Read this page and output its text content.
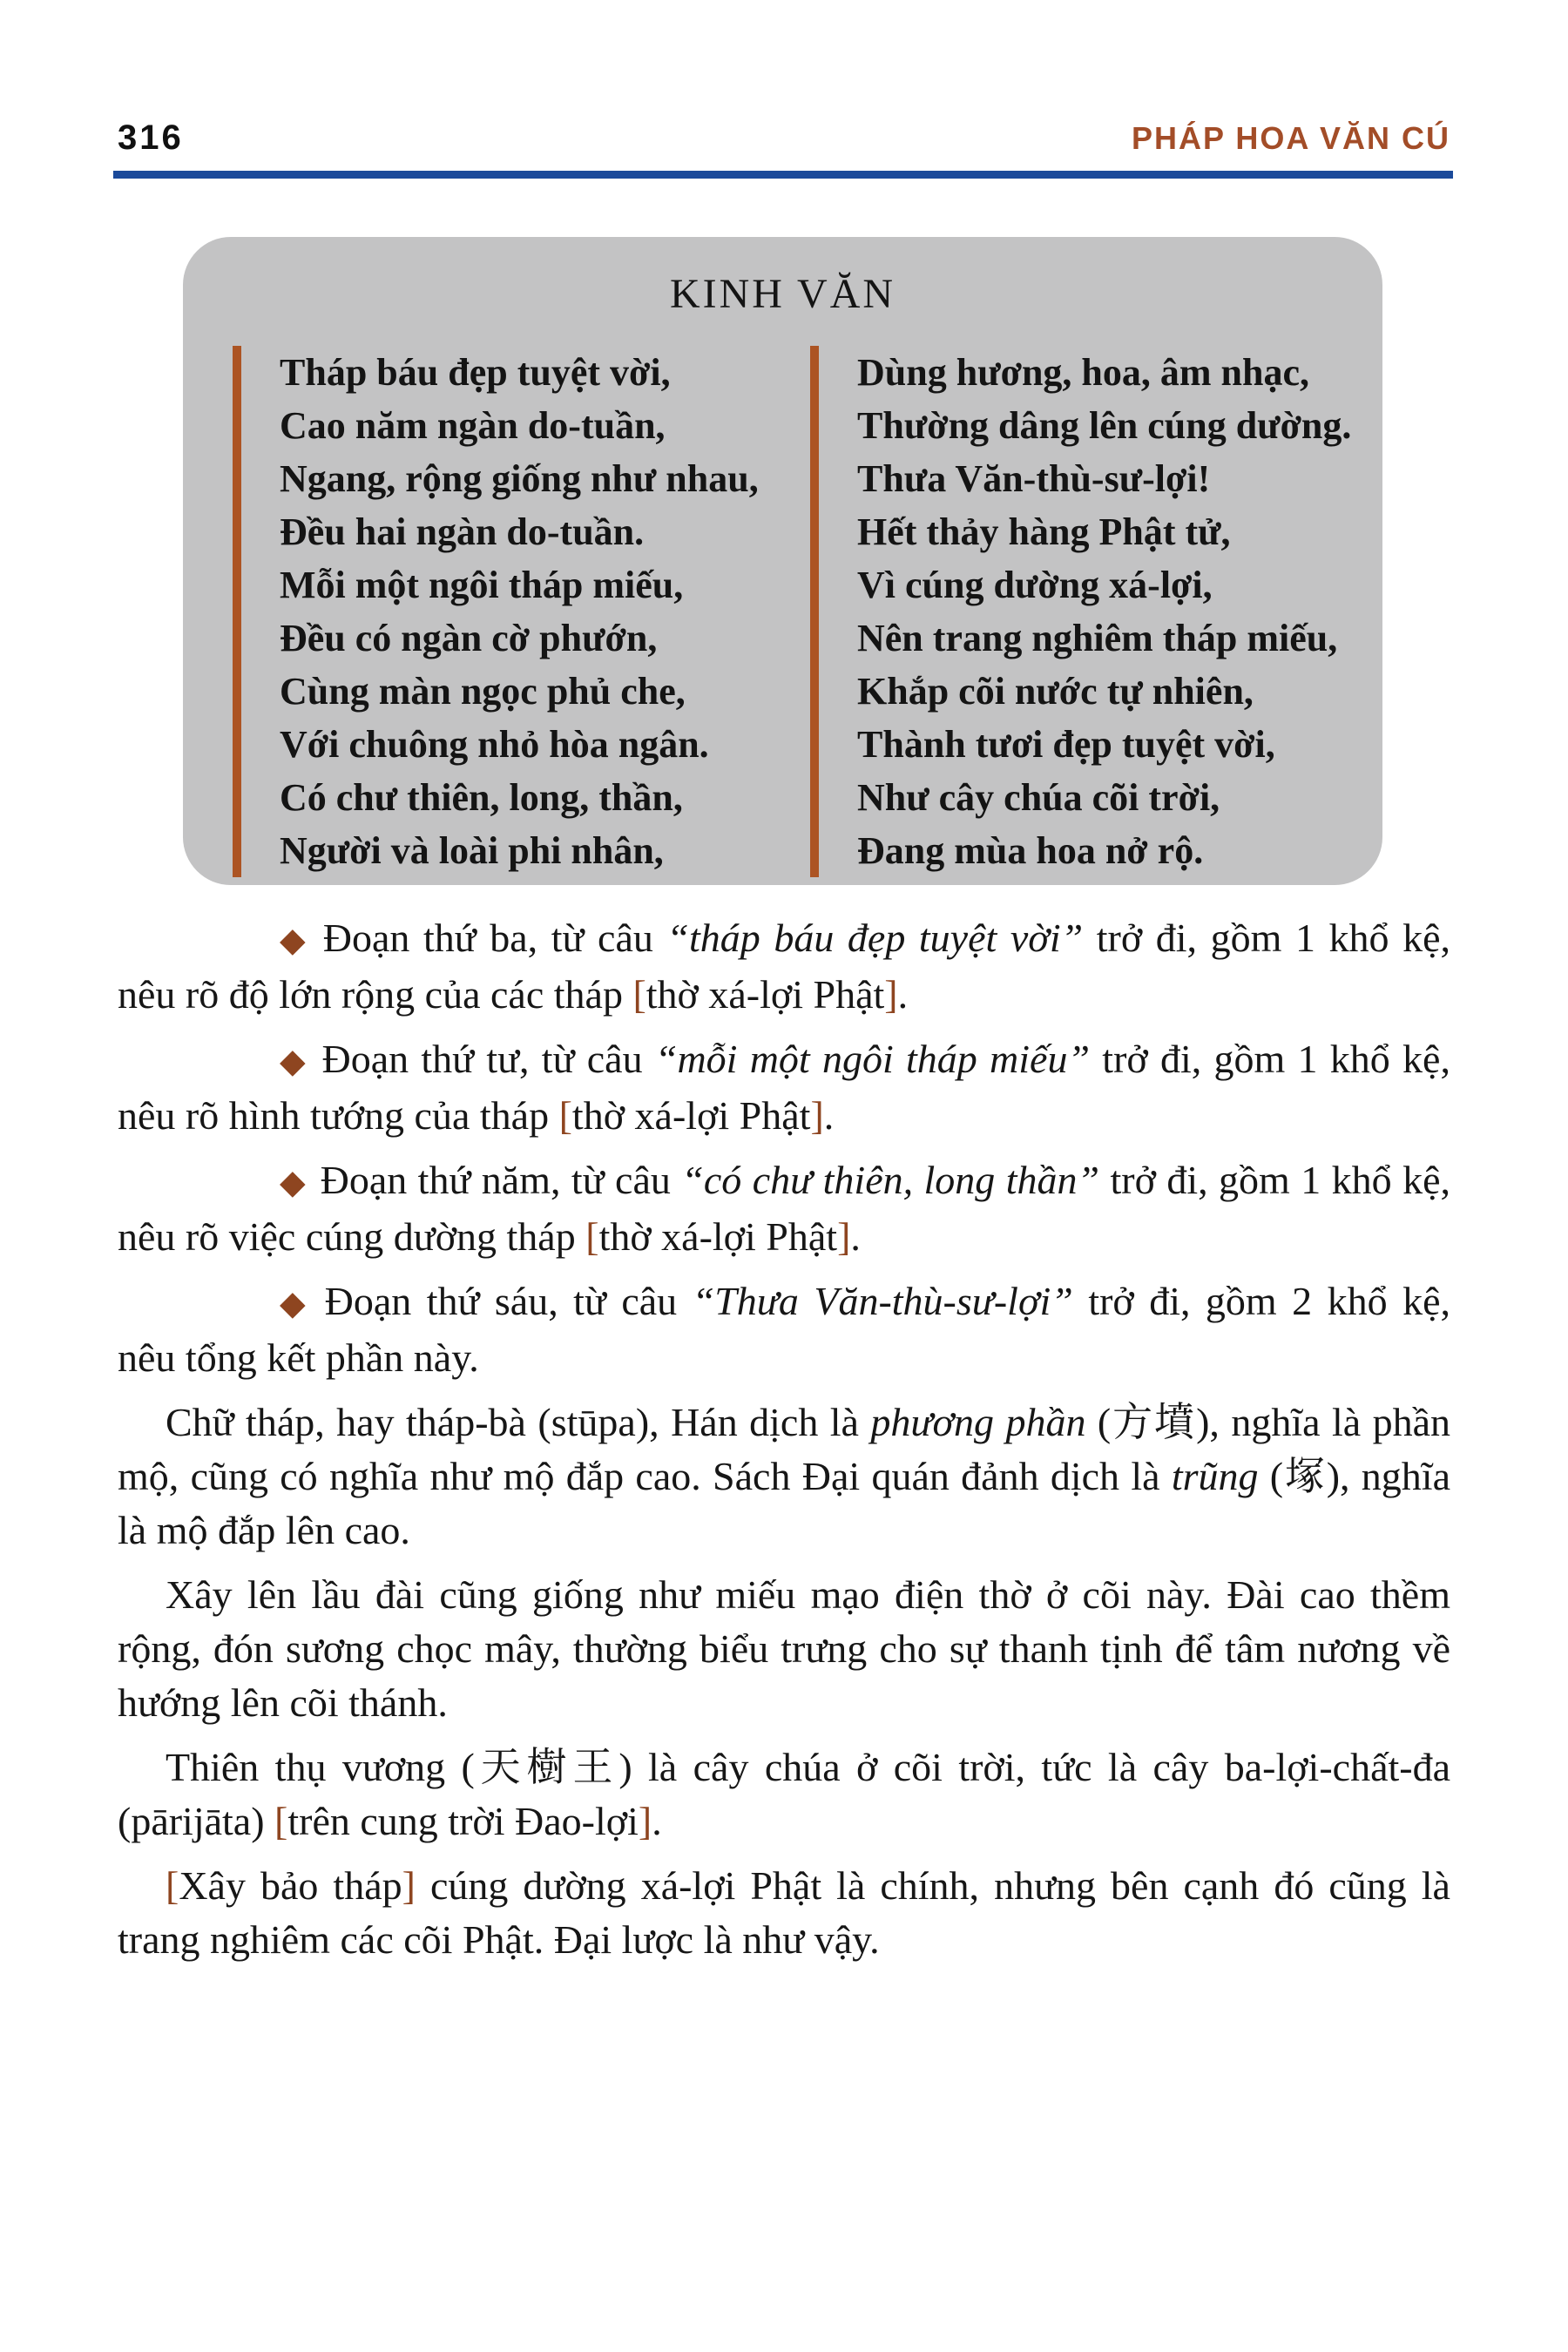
316	PHÁP HOA VĂN CÚ
KINH VĂN
Tháp báu đẹp tuyệt vời,
Cao năm ngàn do-tuần,
Ngang, rộng giống như nhau,
Đều hai ngàn do-tuần.
Mỗi một ngôi tháp miếu,
Đều có ngàn cờ phướn,
Cùng màn ngọc phủ che,
Với chuông nhỏ hòa ngân.
Có chư thiên, long, thần,
Người và loài phi nhân,
Dùng hương, hoa, âm nhạc,
Thường dâng lên cúng dường.
Thưa Văn-thù-sư-lợi!
Hết thảy hàng Phật tử,
Vì cúng dường xá-lợi,
Nên trang nghiêm tháp miếu,
Khắp cõi nước tự nhiên,
Thành tươi đẹp tuyệt vời,
Như cây chúa cõi trời,
Đang mùa hoa nở rộ.

◆ Đoạn thứ ba, từ câu “tháp báu đẹp tuyệt vời” trở đi, gồm 1 khổ kệ, nêu rõ độ lớn rộng của các tháp [thờ xá-lợi Phật].

◆ Đoạn thứ tư, từ câu “mỗi một ngôi tháp miếu” trở đi, gồm 1 khổ kệ, nêu rõ hình tướng của tháp [thờ xá-lợi Phật].

◆ Đoạn thứ năm, từ câu “có chư thiên, long thần” trở đi, gồm 1 khổ kệ, nêu rõ việc cúng dường tháp [thờ xá-lợi Phật].

◆ Đoạn thứ sáu, từ câu “Thưa Văn-thù-sư-lợi” trở đi, gồm 2 khổ kệ, nêu tổng kết phần này.

Chữ tháp, hay tháp-bà (stūpa), Hán dịch là phương phần (方墳), nghĩa là phần mộ, cũng có nghĩa như mộ đắp cao. Sách Đại quán đảnh dịch là trũng (塚), nghĩa là mộ đắp lên cao.

Xây lên lầu đài cũng giống như miếu mạo điện thờ ở cõi này. Đài cao thềm rộng, đón sương chọc mây, thường biểu trưng cho sự thanh tịnh để tâm nương về hướng lên cõi thánh.

Thiên thụ vương (天樹王) là cây chúa ở cõi trời, tức là cây ba-lợi-chất-đa (pārijāta) [trên cung trời Đao-lợi].

[Xây bảo tháp] cúng dường xá-lợi Phật là chính, nhưng bên cạnh đó cũng là trang nghiêm các cõi Phật. Đại lược là như vậy.
